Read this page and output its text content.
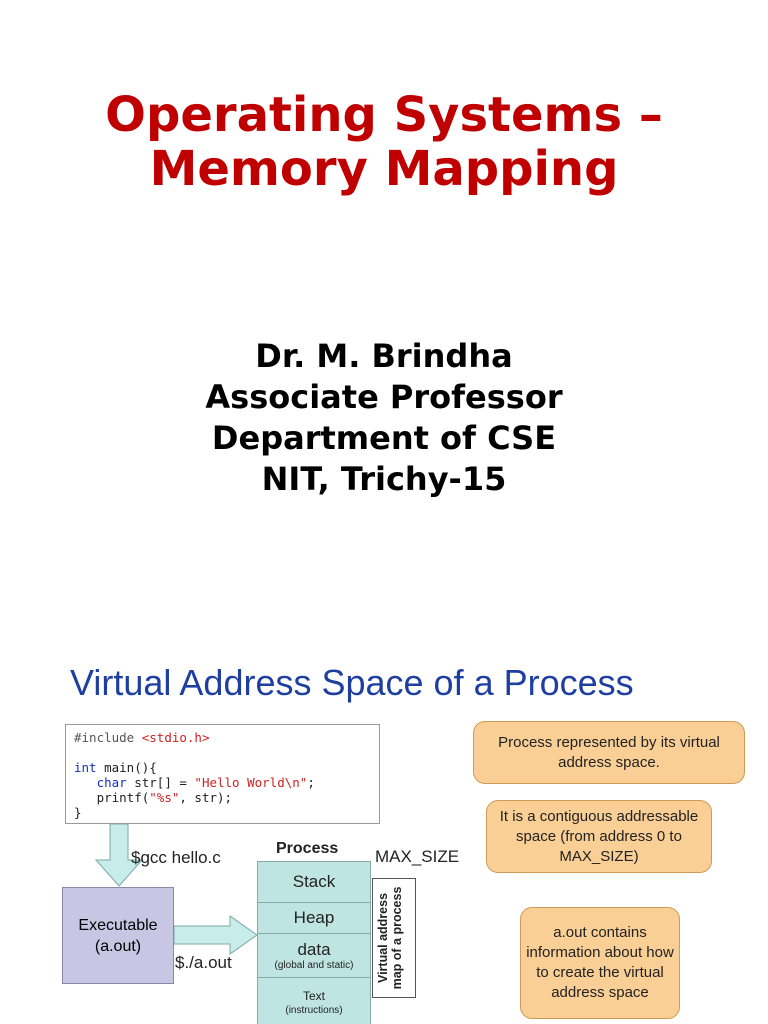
Operating Systems –
Memory Mapping
Dr. M. Brindha
Associate Professor
Department of CSE
NIT, Trichy-15
Virtual Address Space of a Process
#include <stdio.h>

int main(){
char str[] = "Hello World\n";
printf("%s", str);
}
Process represented by its virtual address space.
It is a contiguous addressable space (from address 0 to MAX_SIZE)
a.out contains information about how to create the virtual address space
$gcc hello.c
Executable
(a.out)
$./a.out
Process MAX_SIZE
Stack
Heap
data
(global and static)
Text
(instructions)
Virtual address map of a process
